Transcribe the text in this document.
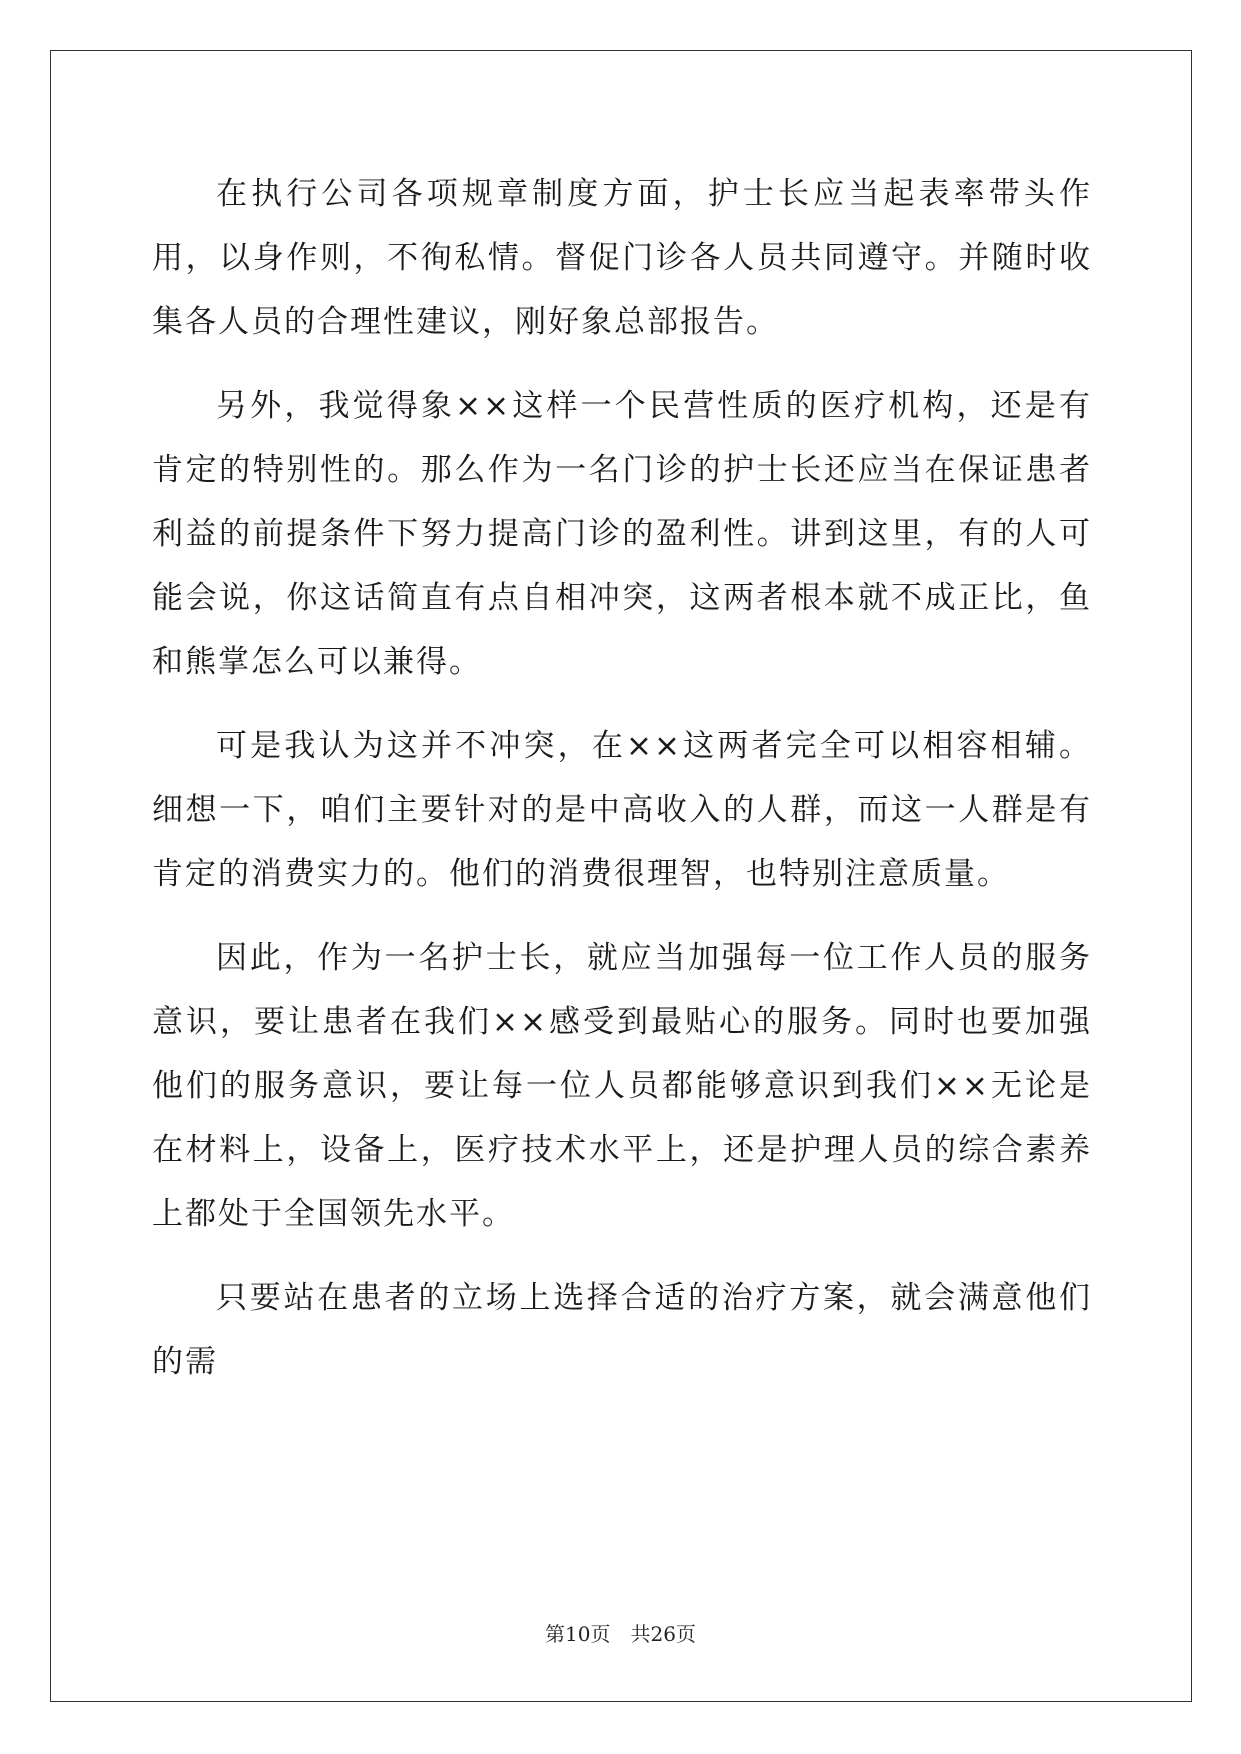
在执行公司各项规章制度方面，护士长应当起表率带头作用，以身作则，不徇私情。督促门诊各人员共同遵守。并随时收集各人员的合理性建议，刚好象总部报告。

另外，我觉得象××这样一个民营性质的医疗机构，还是有肯定的特别性的。那么作为一名门诊的护士长还应当在保证患者利益的前提条件下努力提高门诊的盈利性。讲到这里，有的人可能会说，你这话简直有点自相冲突，这两者根本就不成正比，鱼和熊掌怎么可以兼得。

可是我认为这并不冲突，在××这两者完全可以相容相辅。细想一下，咱们主要针对的是中高收入的人群，而这一人群是有肯定的消费实力的。他们的消费很理智，也特别注意质量。

因此，作为一名护士长，就应当加强每一位工作人员的服务意识，要让患者在我们××感受到最贴心的服务。同时也要加强他们的服务意识，要让每一位人员都能够意识到我们××无论是在材料上，设备上，医疗技术水平上，还是护理人员的综合素养上都处于全国领先水平。

只要站在患者的立场上选择合适的治疗方案，就会满意他们的需

第10页　共26页
